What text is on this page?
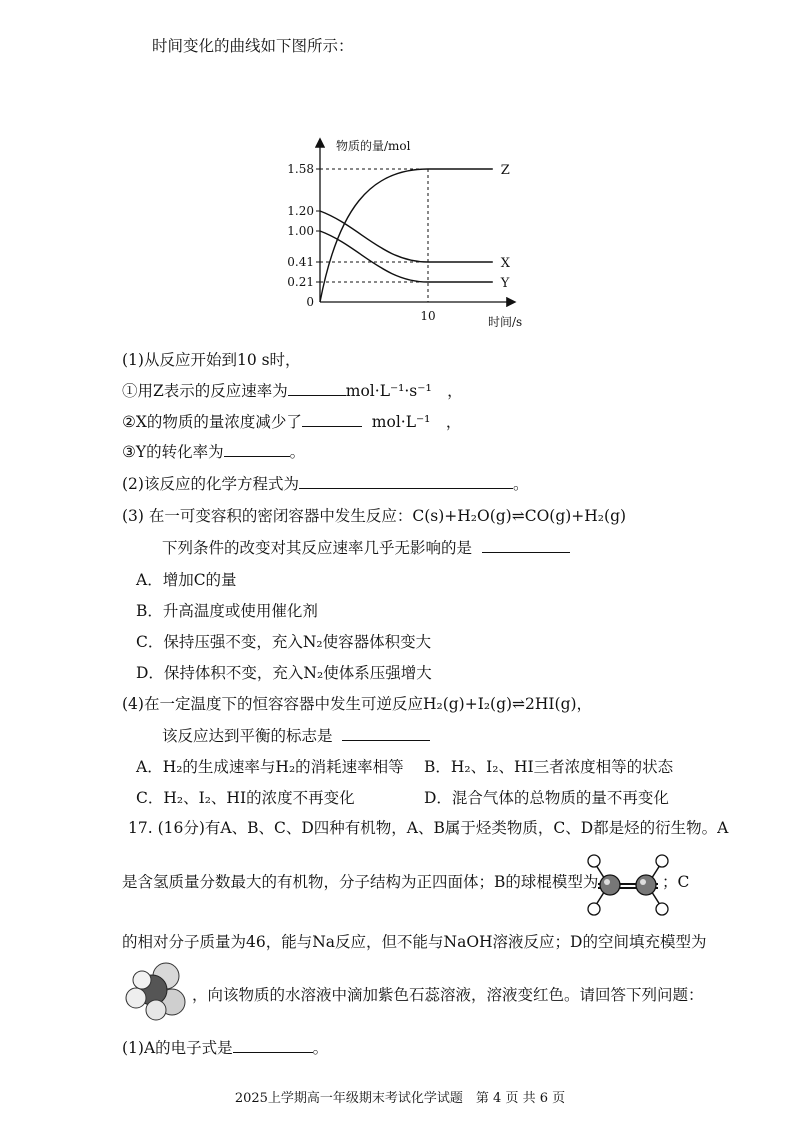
时间变化的曲线如下图所示：
物质的量/mol
时间/s
1.58
1.20
1.00
0.41
0.21
0
10
Z
X
Y
(1)从反应开始到10 s时，
①用Z表示的反应速率为	mol·L⁻¹·s⁻¹　，
②X的物质的量浓度减少了	mol·L⁻¹　，
③Y的转化率为	。
(2)该反应的化学方程式为	。
(3) 在一可变容积的密闭容器中发生反应：C(s)+H₂O(g)⇌CO(g)+H₂(g)
下列条件的改变对其反应速率几乎无影响的是
A．增加C的量
B．升高温度或使用催化剂
C．保持压强不变，充入N₂使容器体积变大
D．保持体积不变，充入N₂使体系压强增大
(4)在一定温度下的恒容容器中发生可逆反应H₂(g)+I₂(g)⇌2HI(g)，
该反应达到平衡的标志是
A．H₂的生成速率与H₂的消耗速率相等 B．H₂、I₂、HI三者浓度相等的状态
C．H₂、I₂、HI的浓度不再变化	D．混合气体的总物质的量不再变化
17. (16分)有A、B、C、D四种有机物，A、B属于烃类物质，C、D都是烃的衍生物。A
是含氢质量分数最大的有机物，分子结构为正四面体；B的球棍模型为	；C
的相对分子质量为46，能与Na反应，但不能与NaOH溶液反应；D的空间填充模型为
，向该物质的水溶液中滴加紫色石蕊溶液，溶液变红色。请回答下列问题：
(1)A的电子式是	。
2025上学期高一年级期末考试化学试题　第 4 页 共 6 页
